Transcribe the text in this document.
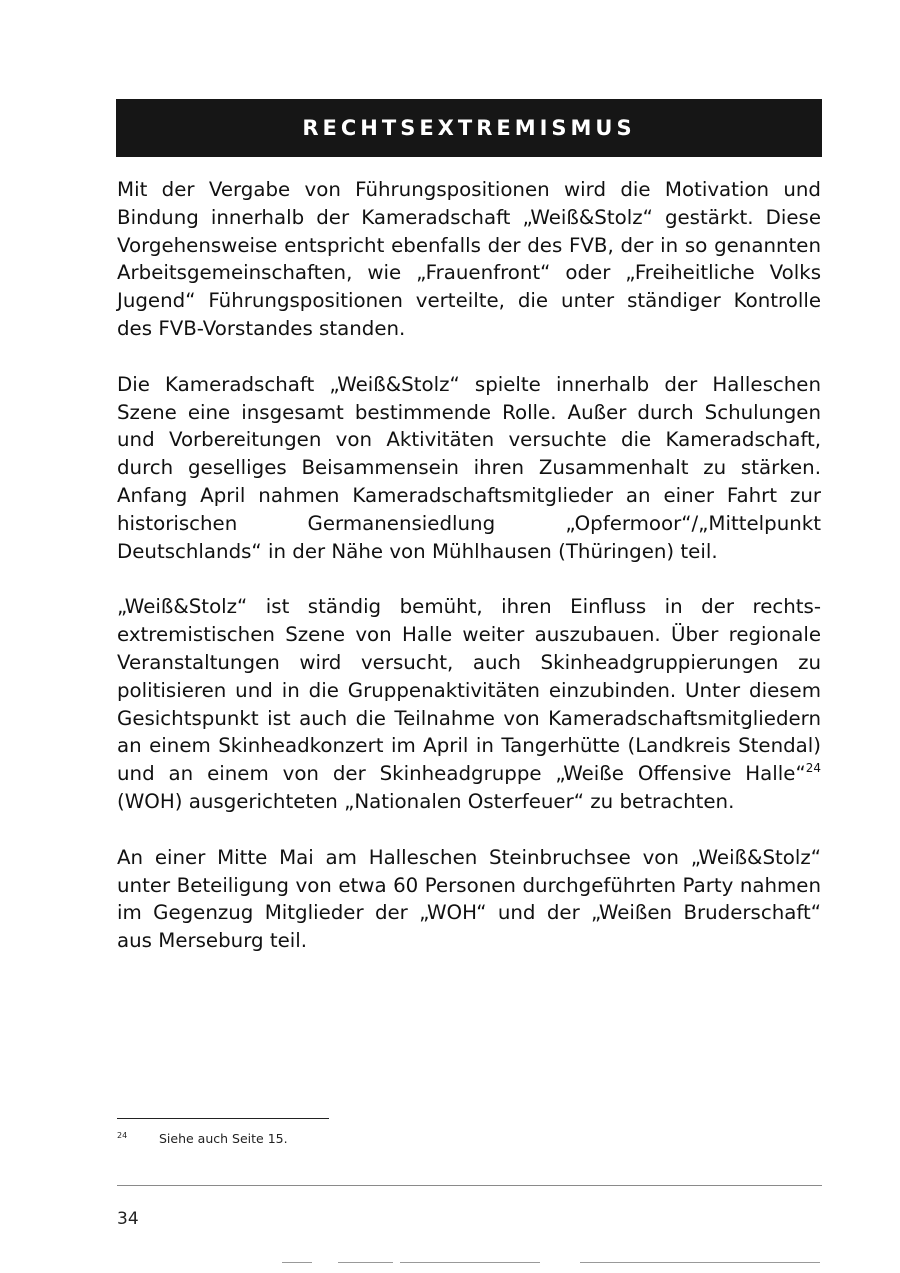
RECHTSEXTREMISMUS

Mit der Vergabe von Führungspositionen wird die Motivation und Bindung innerhalb der Kameradschaft „Weiß&Stolz“ gestärkt. Diese Vorgehensweise entspricht ebenfalls der des FVB, der in so genannten Arbeitsgemeinschaften, wie „Frauenfront“ oder „Freiheitliche Volks Jugend“ Führungspositionen verteilte, die unter ständiger Kontrolle des FVB-Vorstandes standen.

Die Kameradschaft „Weiß&Stolz“ spielte innerhalb der Halleschen Szene eine insgesamt bestimmende Rolle. Außer durch Schulungen und Vorbereitungen von Aktivitäten versuchte die Kameradschaft, durch geselliges Beisammensein ihren Zusammenhalt zu stärken. Anfang April nahmen Kameradschaftsmitglieder an einer Fahrt zur historischen Germanensiedlung „Opfermoor“/„Mittelpunkt Deutschlands“ in der Nähe von Mühlhausen (Thüringen) teil.

„Weiß&Stolz“ ist ständig bemüht, ihren Einfluss in der rechtsextremistischen Szene von Halle weiter auszubauen. Über regionale Veranstaltungen wird versucht, auch Skinheadgruppierungen zu politisieren und in die Gruppenaktivitäten einzubinden. Unter diesem Gesichtspunkt ist auch die Teilnahme von Kameradschaftsmitgliedern an einem Skinheadkonzert im April in Tangerhütte (Landkreis Stendal) und an einem von der Skinheadgruppe „Weiße Offensive Halle“$^{24}$ (WOH) ausgerichteten „Nationalen Osterfeuer“ zu betrachten.

An einer Mitte Mai am Halleschen Steinbruchsee von „Weiß&Stolz“ unter Beteiligung von etwa 60 Personen durchgeführten Party nahmen im Gegenzug Mitglieder der „WOH“ und der „Weißen Bruderschaft“ aus Merseburg teil.

24	Siehe auch Seite 15.
34
